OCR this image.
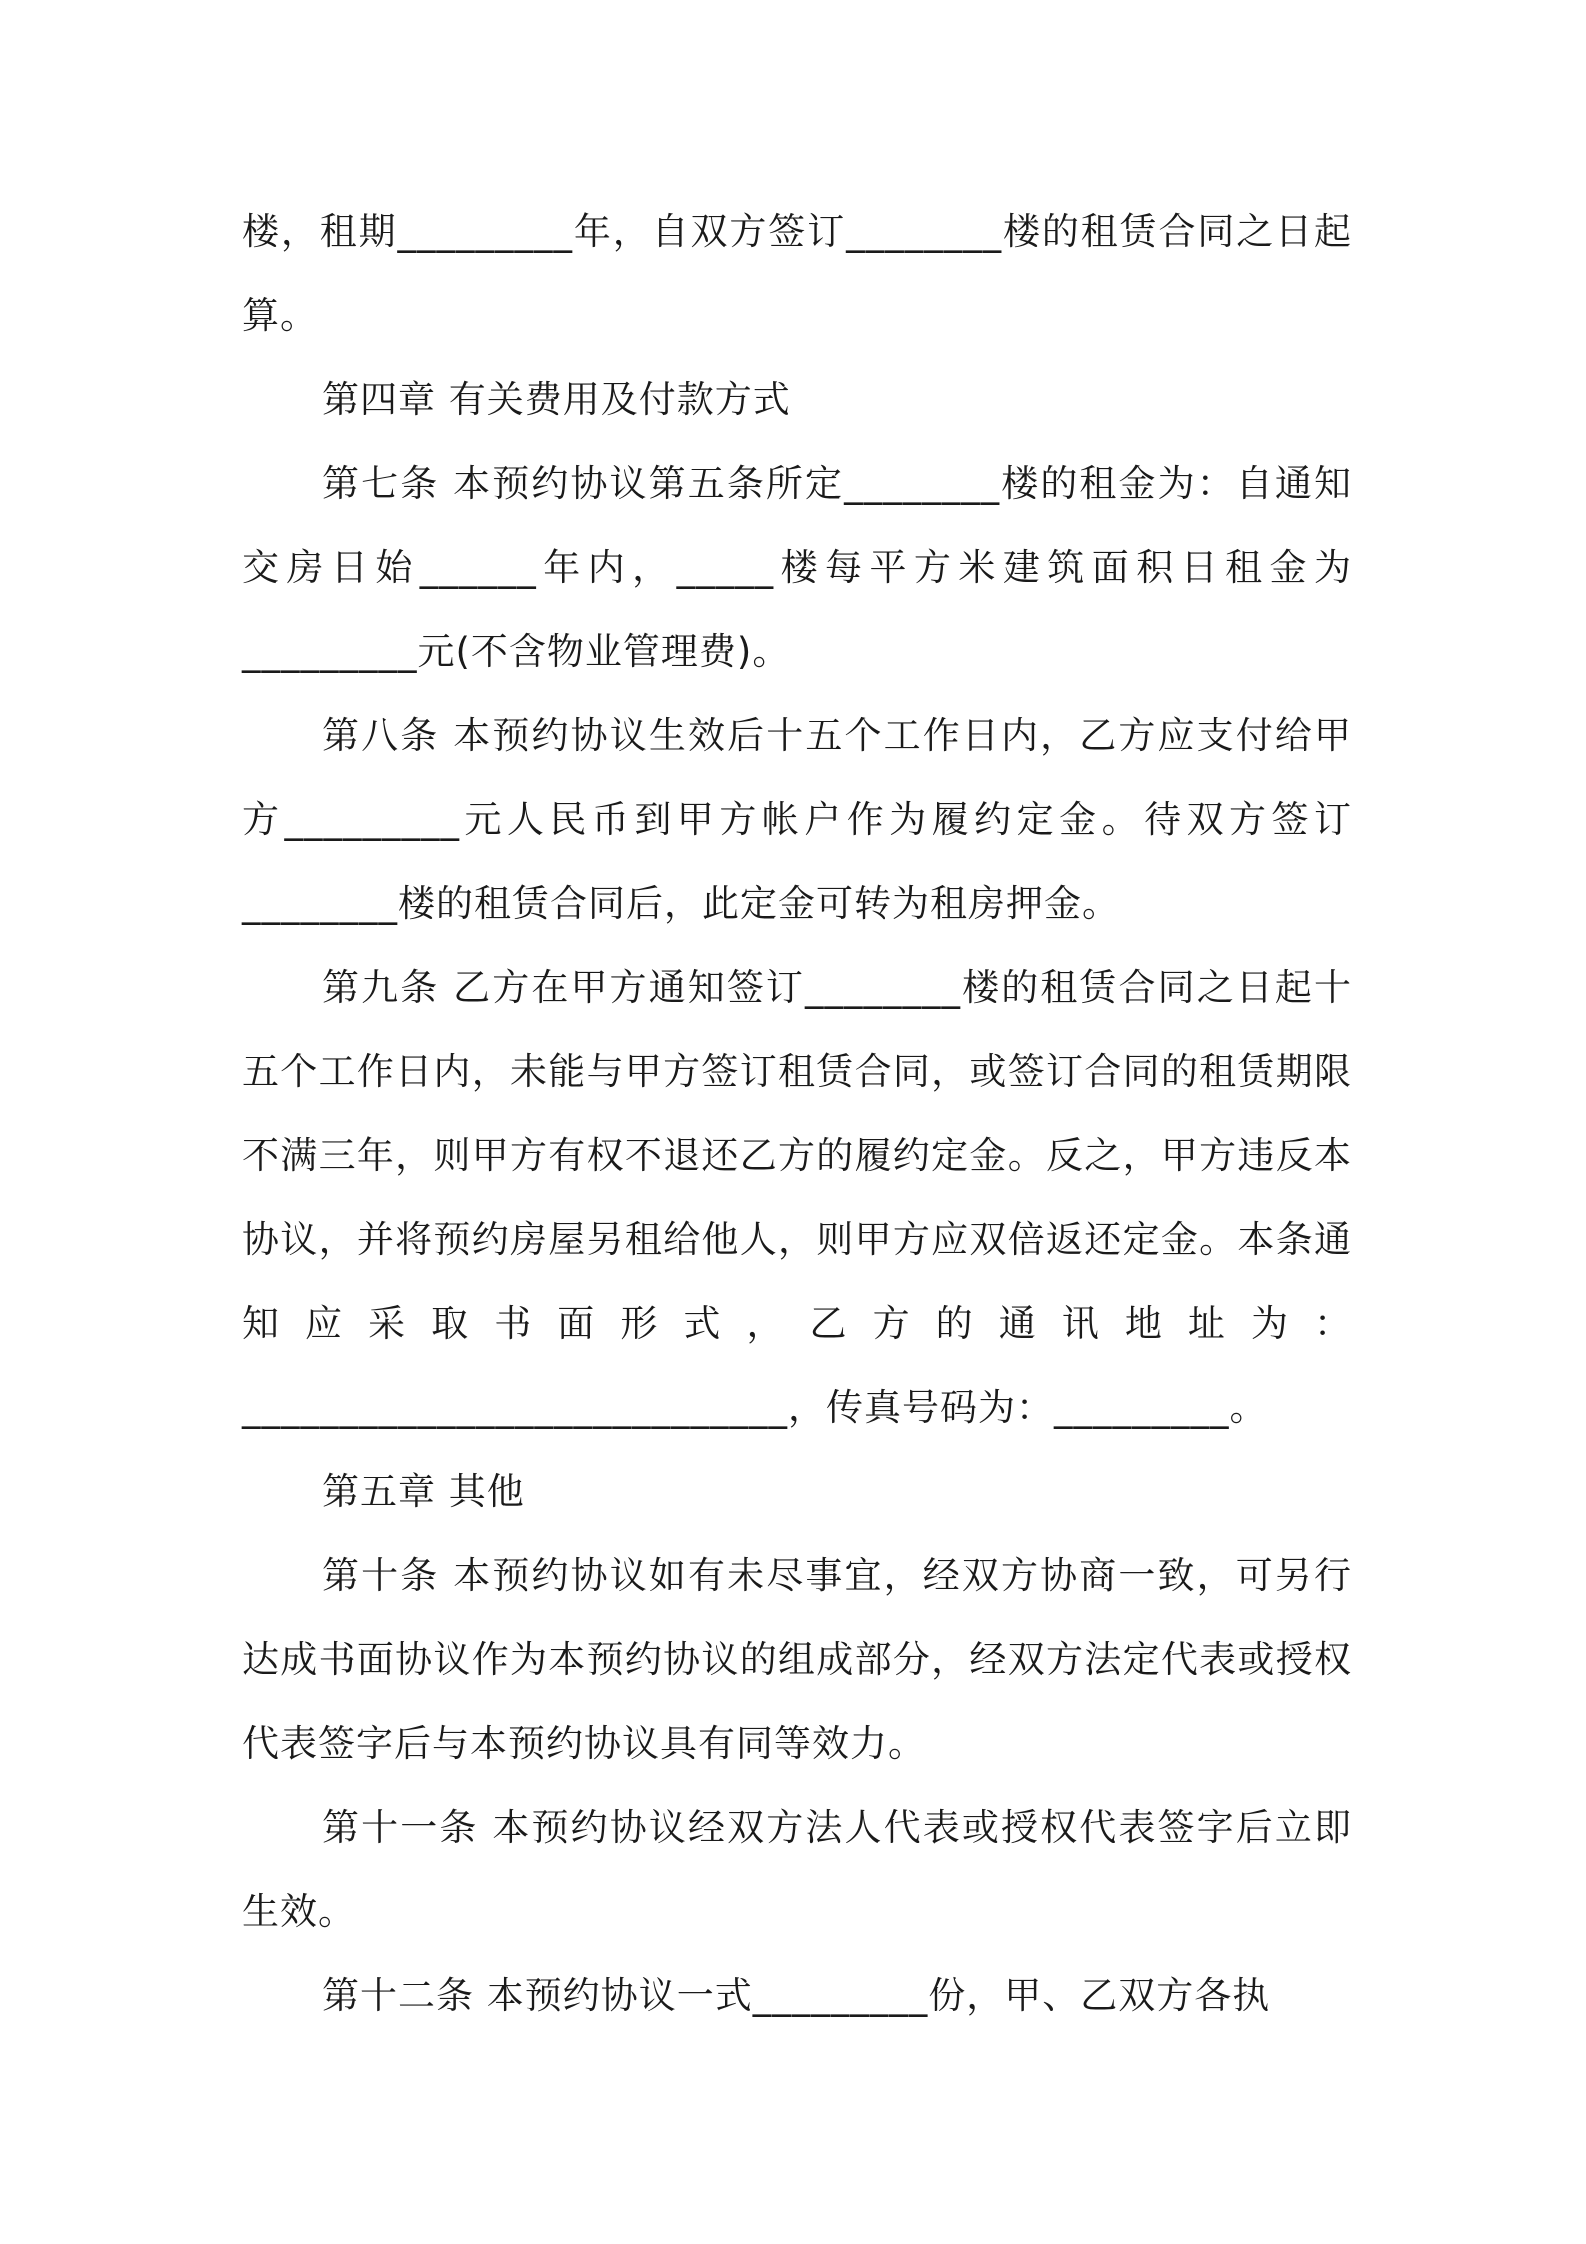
楼，租期_________年，自双方签订________楼的租赁合同之日起算。

第四章 有关费用及付款方式

第七条 本预约协议第五条所定________楼的租金为：自通知交房日始______年内，_____楼每平方米建筑面积日租金为_________元(不含物业管理费)。

第八条 本预约协议生效后十五个工作日内，乙方应支付给甲方_________元人民币到甲方帐户作为履约定金。待双方签订________楼的租赁合同后，此定金可转为租房押金。

第九条 乙方在甲方通知签订________楼的租赁合同之日起十五个工作日内，未能与甲方签订租赁合同，或签订合同的租赁期限不满三年，则甲方有权不退还乙方的履约定金。反之，甲方违反本协议，并将预约房屋另租给他人，则甲方应双倍返还定金。本条通知应采取书面形式，乙方的通讯地址为：____________________________，传真号码为：_________。

第五章 其他

第十条 本预约协议如有未尽事宜，经双方协商一致，可另行达成书面协议作为本预约协议的组成部分，经双方法定代表或授权代表签字后与本预约协议具有同等效力。

第十一条 本预约协议经双方法人代表或授权代表签字后立即生效。

第十二条 本预约协议一式_________份，甲、乙双方各执
